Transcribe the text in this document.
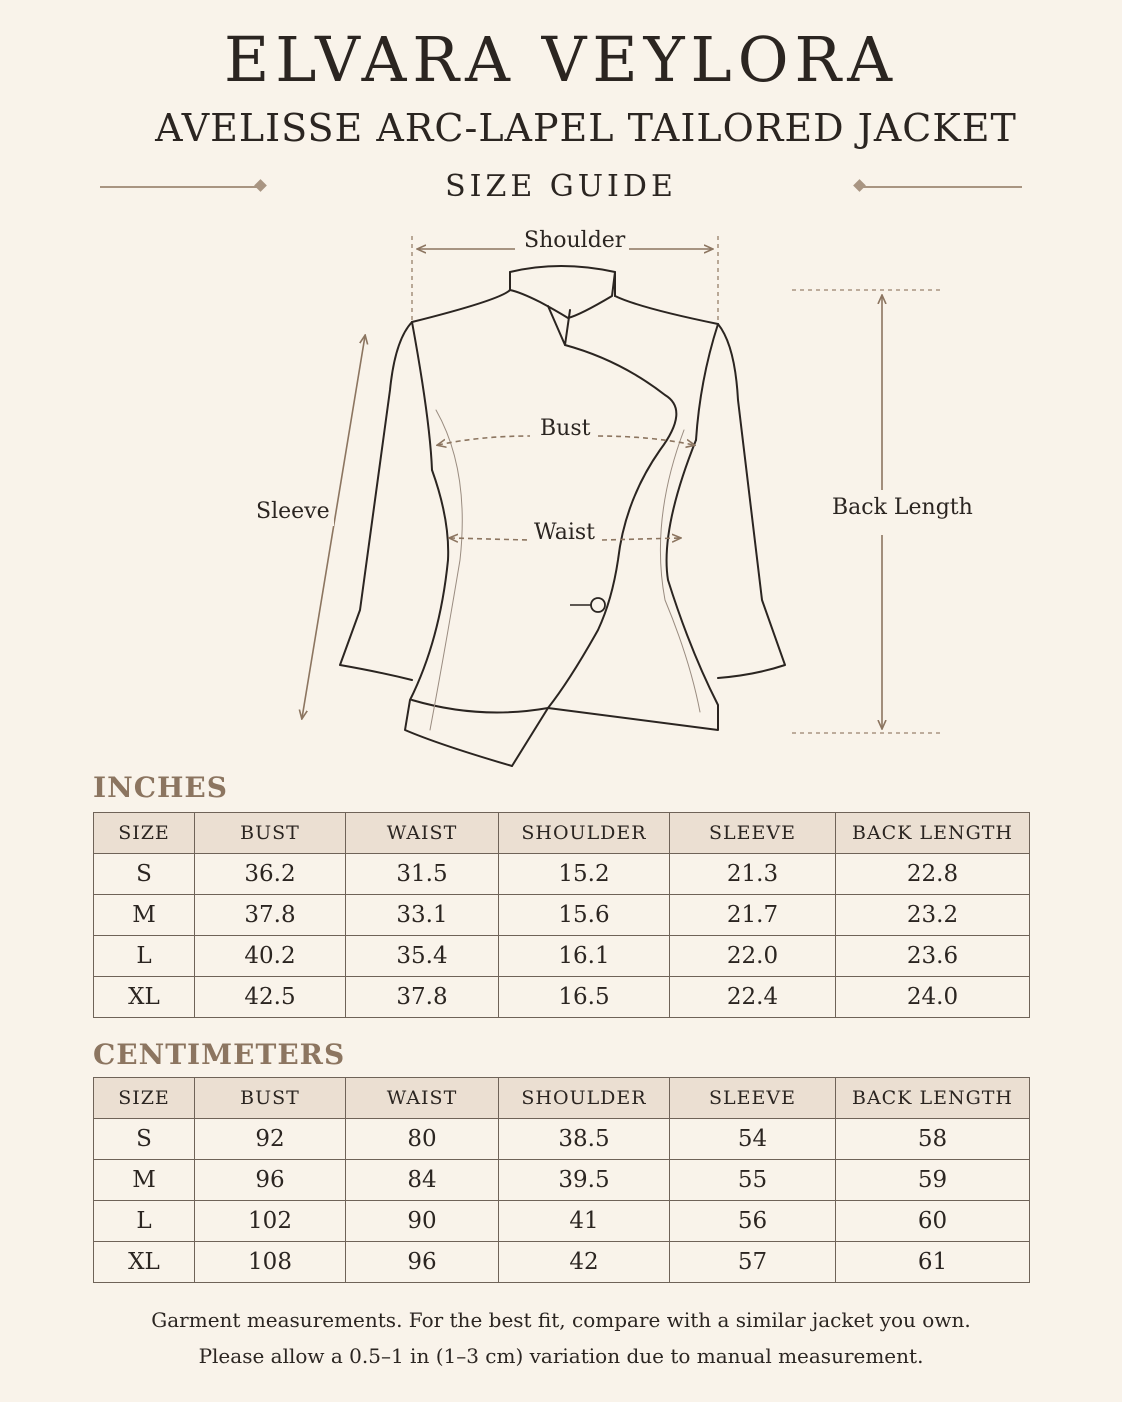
ELVARA VEYLORA
AVELISSE ARC-LAPEL TAILORED JACKET
SIZE GUIDE
Shoulder
Bust
Waist
Sleeve	Back Length
INCHES
SIZE	BUST	WAIST	SHOULDER	SLEEVE	BACK LENGTH
S	36.2	31.5	15.2	21.3	22.8
M	37.8	33.1	15.6	21.7	23.2
L	40.2	35.4	16.1	22.0	23.6
XL	42.5	37.8	16.5	22.4	24.0
CENTIMETERS
SIZE	BUST	WAIST	SHOULDER	SLEEVE	BACK LENGTH
S	92	80	38.5	54	58
M	96	84	39.5	55	59
L	102	90	41	56	60
XL	108	96	42	57	61
Garment measurements. For the best fit, compare with a similar jacket you own.
Please allow a 0.5–1 in (1–3 cm) variation due to manual measurement.
